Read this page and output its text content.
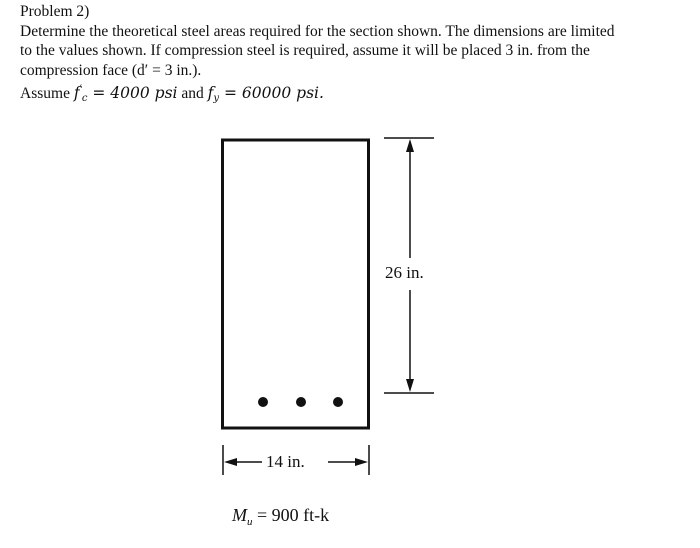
Problem 2)

Determine the theoretical steel areas required for the section shown. The dimensions are limited

to the values shown. If compression steel is required, assume it will be placed 3 in. from the

compression face (d′ = 3 in.).

Assume $f'_c = 4000$ psi and $f_y = 60000$ psi.

26 in.
14 in.
$M_u = 900$ ft-k
